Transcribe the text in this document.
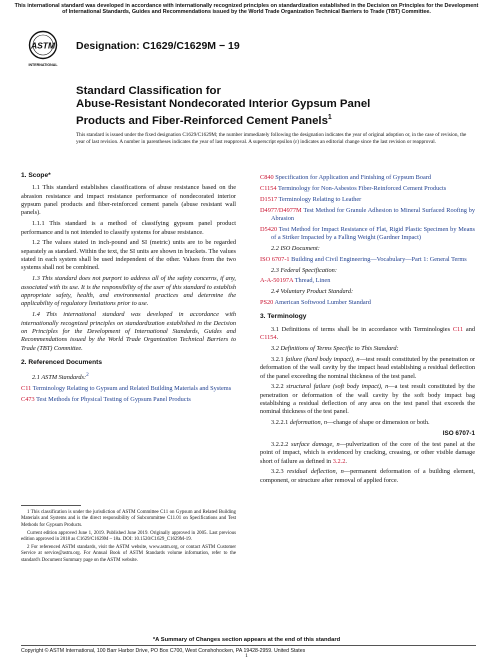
This international standard was developed in accordance with internationally recognized principles on standardization established in the Decision on Principles for the Development of International Standards, Guides and Recommendations issued by the World Trade Organization Technical Barriers to Trade (TBT) Committee.
ASTM
INTERNATIONAL
Designation: C1629/C1629M − 19
Standard Classification for
Abuse-Resistant Nondecorated Interior Gypsum Panel
Products and Fiber-Reinforced Cement Panels$^1$
This standard is issued under the fixed designation C1629/C1629M; the number immediately following the designation indicates the year of original adoption or, in the case of revision, the year of last revision. A number in parentheses indicates the year of last reapproval. A superscript epsilon (ε) indicates an editorial change since the last revision or reapproval.
1. Scope*

1.1 This standard establishes classifications of abuse resistance based on the abrasion resistance and impact resistance performance of nondecorated interior gypsum panel products and fiber-reinforced cement panels (abuse resistant wall panels).

1.1.1 This standard is a method of classifying gypsum panel product performance and is not intended to classify systems for abuse resistance.

1.2 The values stated in inch-pound and SI (metric) units are to be regarded separately as standard. Within the text, the SI units are shown in brackets. The values stated in each system shall be used independent of the other. Values from the two systems shall not be combined.

1.3 This standard does not purport to address all of the safety concerns, if any, associated with its use. It is the responsibility of the user of this standard to establish appropriate safety, health, and environmental practices and determine the applicability of regulatory limitations prior to use.

1.4 This international standard was developed in accordance with internationally recognized principles on standardization established in the Decision on Principles for the Development of International Standards, Guides and Recommendations issued by the World Trade Organization Technical Barriers to Trade (TBT) Committee.

2. Referenced Documents

2.1 ASTM Standards:$^2$

C11 Terminology Relating to Gypsum and Related Building Materials and Systems

C473 Test Methods for Physical Testing of Gypsum Panel Products

1 This classification is under the jurisdiction of ASTM Committee C11 on Gypsum and Related Building Materials and Systems and is the direct responsibility of Subcommittee C11.01 on Specifications and Test Methods for Gypsum Products.

Current edition approved June 1, 2019. Published June 2019. Originally approved in 2005. Last previous edition approved in 2018 as C1629/C1629M – 18a. DOI: 10.1520/C1629_C1629M-19.

2 For referenced ASTM standards, visit the ASTM website, www.astm.org, or contact ASTM Customer Service at service@astm.org. For Annual Book of ASTM Standards volume information, refer to the standard's Document Summary page on the ASTM website.

C840 Specification for Application and Finishing of Gypsum Board

C1154 Terminology for Non-Asbestos Fiber-Reinforced Cement Products

D1517 Terminology Relating to Leather

D4977/D4977M Test Method for Granule Adhesion to Mineral Surfaced Roofing by Abrasion

D5420 Test Method for Impact Resistance of Flat, Rigid Plastic Specimen by Means of a Striker Impacted by a Falling Weight (Gardner Impact)

2.2 ISO Document:

ISO 6707-1 Building and Civil Engineering—Vocabulary—Part 1: General Terms

2.3 Federal Specification:

A-A-50197A Thread, Linen

2.4 Voluntary Product Standard:

PS20 American Softwood Lumber Standard

3. Terminology

3.1 Definitions of terms shall be in accordance with Terminologies C11 and C1154.

3.2 Definitions of Terms Specific to This Standard:

3.2.1 failure (hard body impact), n—test result constituted by the penetration or deformation of the wall cavity by the impact head establishing a residual deflection of the panel exceeding the nominal thickness of the test panel.

3.2.2 structural failure (soft body impact), n—a test result constituted by the penetration or deformation of the wall cavity by the soft body impact bag establishing a residual deflection of any area on the test panel that exceeds the nominal thickness of the test panel.

3.2.2.1 deformation, n—change of shape or dimension or both.

ISO 6707-1

3.2.2.2 surface damage, n—pulverization of the core of the test panel at the point of impact, which is evidenced by cracking, creasing, or other visible damage short of failure as defined in 3.2.2.

3.2.3 residual deflection, n—permanent deformation of a building element, component, or structure after removal of applied force.

*A Summary of Changes section appears at the end of this standard
Copyright © ASTM International, 100 Barr Harbor Drive, PO Box C700, West Conshohocken, PA 19428-2959. United States
1
